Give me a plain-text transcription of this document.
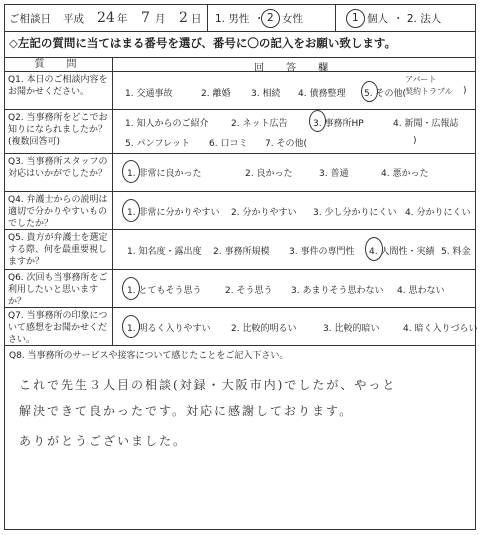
ご相談日 平成 24 年 7 月 2 日 1. 男性 ・ 2 女性	1 個人 ・ 2. 法人
◇左記の質問に当てはまる番号を選び、番号に〇の記入をお願い致します。
質　問	回　答　欄
Q1. 本日のご相談内容をお聞かせください。	1. 交通事故	2. 離婚 3. 相続 4. 債務整理 5. その他(
アパート
契約トラブル )
Q2. 当事務所をどこでお知りになられましたか？(複数回答可)
1. 知人からのご紹介	2. ネット広告	3. 事務所HP	4. 新聞・広報誌
5. パンフレット 6. 口コミ 7. その他(	)
Q3. 当事務所スタッフの対応はいかがでしたか？	1. 非常に良かった	2. 良かった	3. 普通	4. 悪かった
Q4. 弁護士からの説明は適切で分かりやすいものでしたか？
1. 非常に分かりやすい 2. 分かりやすい 3. 少し分かりにくい 4. 分かりにくい
Q5. 貴方が弁護士を選定する際、何を最重要視しますか？
1. 知名度・露出度 2. 事務所規模 3. 事件の専門性 4. 人間性・実績 5. 料金
Q6. 次回も当事務所をご利用したいと思いますか？
1. とてもそう思う	2. そう思う 3. あまりそう思わない 4. 思わない
Q7. 当事務所の印象について感想をお聞かせください。
1. 明るく入りやすい 2. 比較的明るい	3. 比較的暗い	4. 暗く入りづらい
Q8. 当事務所のサービスや接客について感じたことをご記入下さい。
これで先生３人目の相談(対録・大阪市内)でしたが、やっと
解決できて良かったです。対応に感謝しております。
ありがとうございました。
